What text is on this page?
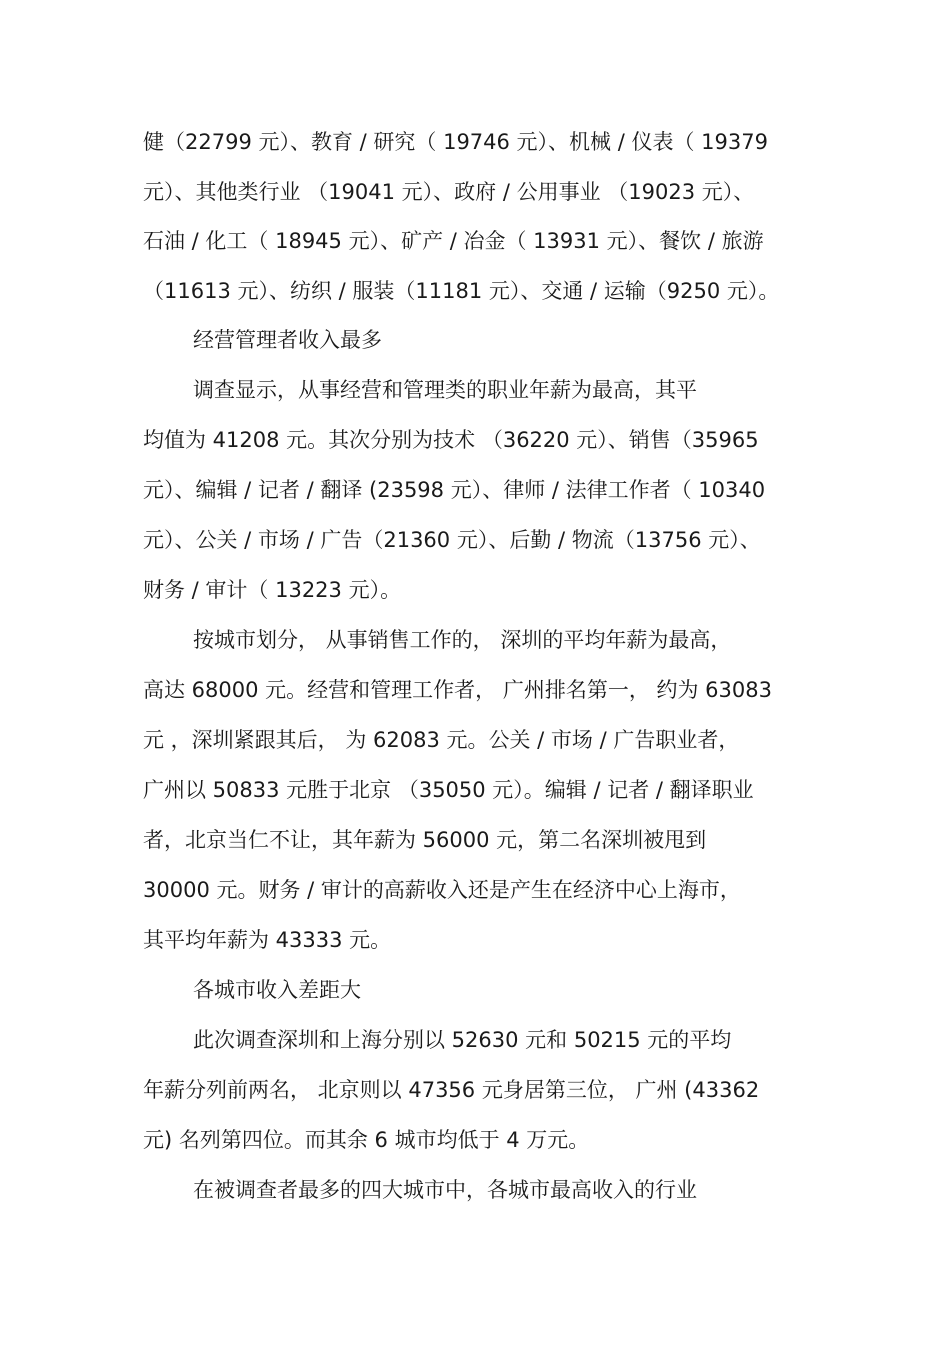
健（22799 元）、教育 / 研究（ 19746 元）、机械 / 仪表（ 19379
元）、其他类行业 （19041 元）、政府 / 公用事业 （19023 元）、
石油 / 化工（ 18945 元）、矿产 / 冶金（ 13931 元）、餐饮 / 旅游
（11613 元）、纺织 / 服装（11181 元）、交通 / 运输（9250 元）。
经营管理者收入最多
调查显示，从事经营和管理类的职业年薪为最高，其平
均值为 41208 元。其次分别为技术 （36220 元）、销售（35965
元）、编辑 / 记者 / 翻译 (23598 元）、律师 / 法律工作者（ 10340
元）、公关 / 市场 / 广告（21360 元）、后勤 / 物流（13756 元）、
财务 / 审计（ 13223 元）。
按城市划分， 从事销售工作的， 深圳的平均年薪为最高，
高达 68000 元。经营和管理工作者， 广州排名第一， 约为 63083
元 ，深圳紧跟其后， 为 62083 元。公关 / 市场 / 广告职业者，
广州以 50833 元胜于北京 （35050 元）。编辑 / 记者 / 翻译职业
者，北京当仁不让，其年薪为 56000 元，第二名深圳被甩到
30000 元。财务 / 审计的高薪收入还是产生在经济中心上海市，
其平均年薪为 43333 元。
各城市收入差距大
此次调查深圳和上海分别以 52630 元和 50215 元的平均
年薪分列前两名， 北京则以 47356 元身居第三位， 广州 (43362
元) 名列第四位。而其余 6 城市均低于 4 万元。
在被调查者最多的四大城市中，各城市最高收入的行业
